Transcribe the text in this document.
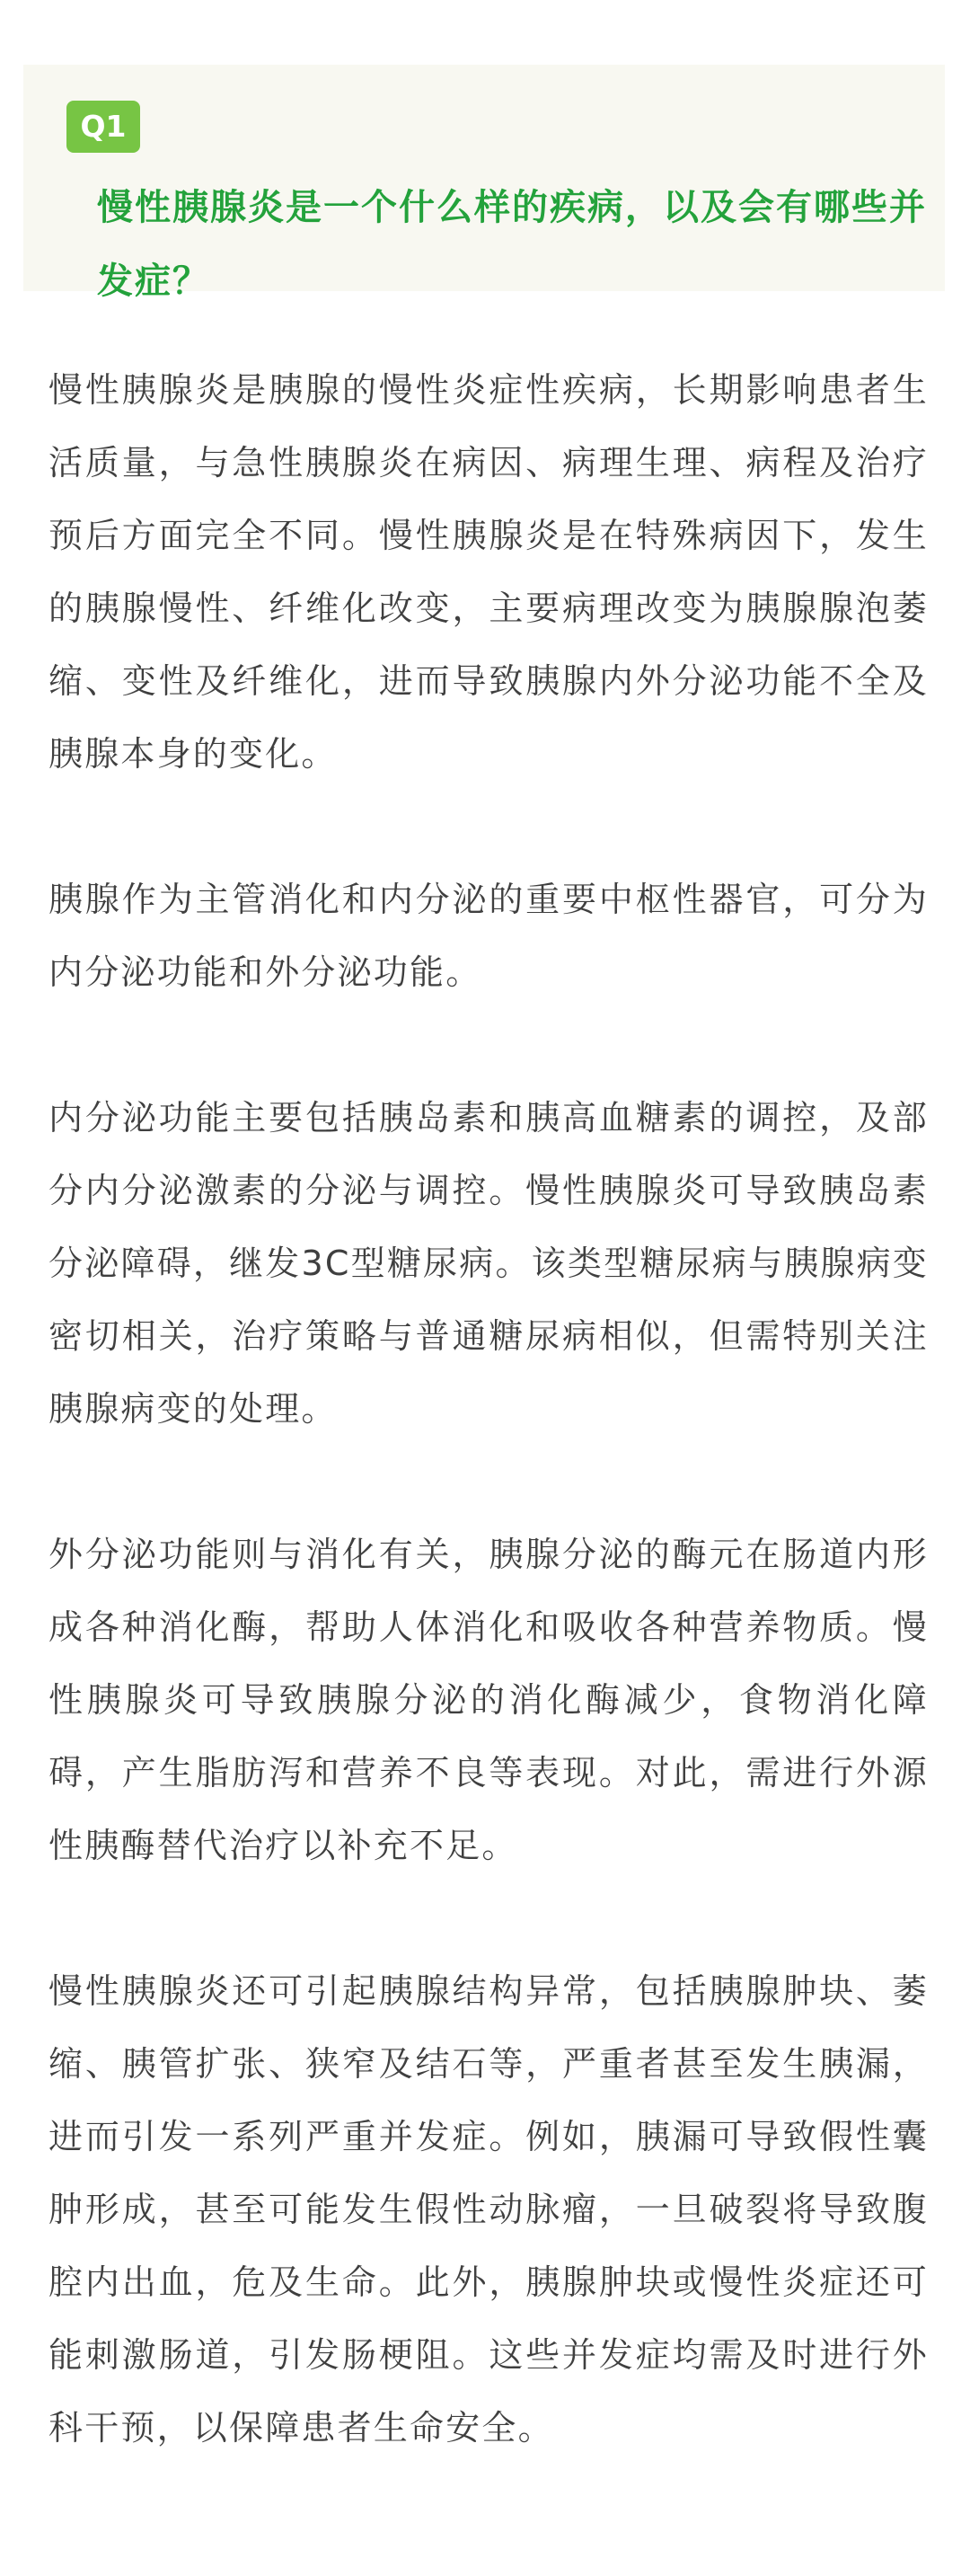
Q1
慢性胰腺炎是一个什么样的疾病，以及会有哪些并发症？

慢性胰腺炎是胰腺的慢性炎症性疾病，长期影响患者生活质量，与急性胰腺炎在病因、病理生理、病程及治疗预后方面完全不同。慢性胰腺炎是在特殊病因下，发生的胰腺慢性、纤维化改变，主要病理改变为胰腺腺泡萎缩、变性及纤维化，进而导致胰腺内外分泌功能不全及胰腺本身的变化。

胰腺作为主管消化和内分泌的重要中枢性器官，可分为内分泌功能和外分泌功能。

内分泌功能主要包括胰岛素和胰高血糖素的调控，及部分内分泌激素的分泌与调控。慢性胰腺炎可导致胰岛素分泌障碍，继发3C型糖尿病。该类型糖尿病与胰腺病变密切相关，治疗策略与普通糖尿病相似，但需特别关注胰腺病变的处理。

外分泌功能则与消化有关，胰腺分泌的酶元在肠道内形成各种消化酶，帮助人体消化和吸收各种营养物质。慢性胰腺炎可导致胰腺分泌的消化酶减少，食物消化障碍，产生脂肪泻和营养不良等表现。对此，需进行外源性胰酶替代治疗以补充不足。

慢性胰腺炎还可引起胰腺结构异常，包括胰腺肿块、萎缩、胰管扩张、狭窄及结石等，严重者甚至发生胰漏，进而引发一系列严重并发症。例如，胰漏可导致假性囊肿形成，甚至可能发生假性动脉瘤，一旦破裂将导致腹腔内出血，危及生命。此外，胰腺肿块或慢性炎症还可能刺激肠道，引发肠梗阻。这些并发症均需及时进行外科干预，以保障患者生命安全。
